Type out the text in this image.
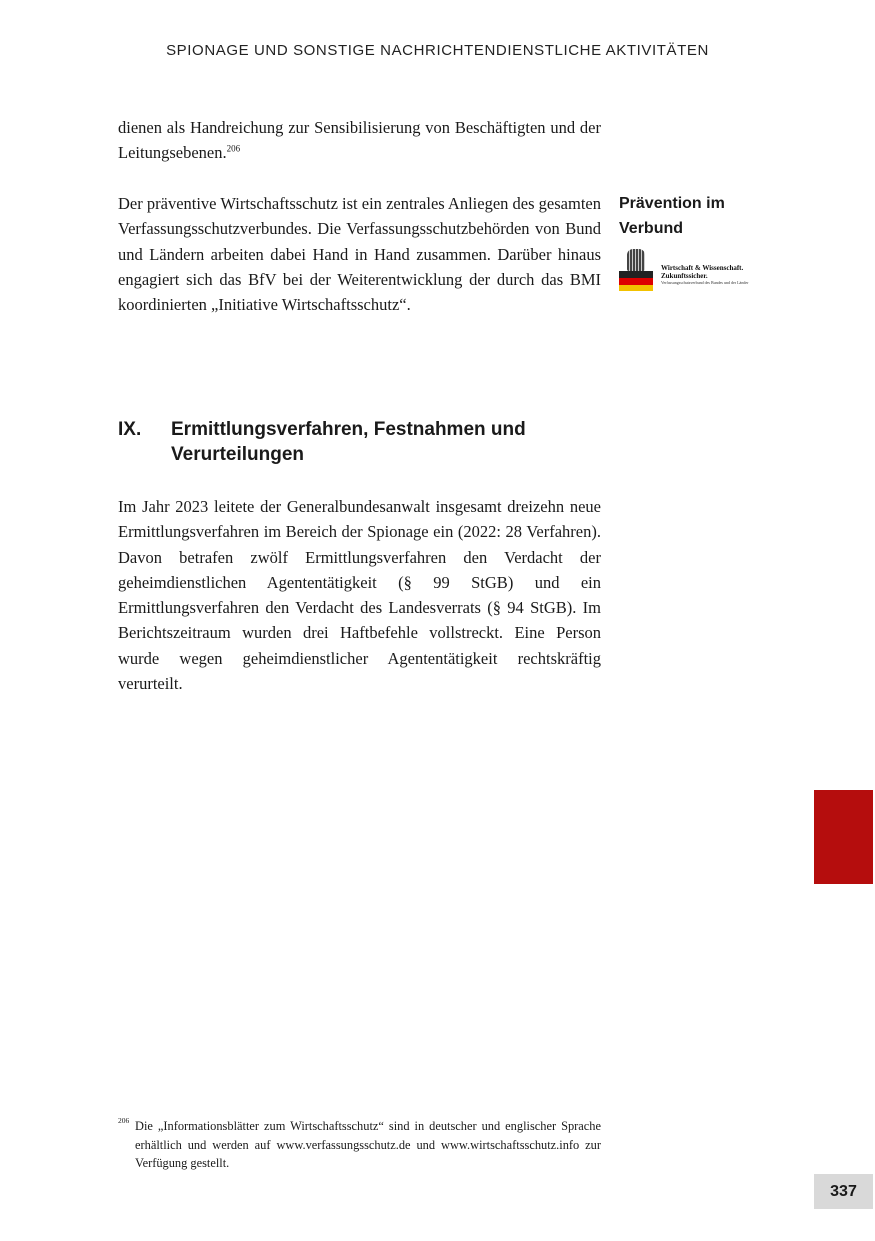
SPIONAGE UND SONSTIGE NACHRICHTENDIENSTLICHE AKTIVITÄTEN

dienen als Handreichung zur Sensibilisierung von Beschäftigten und der Leitungsebenen.$^{206}$

Der präventive Wirtschaftsschutz ist ein zentrales Anliegen des gesamten Verfassungsschutzverbundes. Die Verfassungsschutzbehörden von Bund und Ländern arbeiten dabei Hand in Hand zusammen. Darüber hinaus engagiert sich das BfV bei der Weiterentwicklung der durch das BMI koordinierten „Initiative Wirtschaftsschutz“.

Prävention im Verbund
Wirtschaft & Wissenschaft.
Zukunftssicher.
Verfassungsschutzverbund des Bundes und der Länder
IX. Ermittlungsverfahren, Festnahmen und Verurteilungen

Im Jahr 2023 leitete der Generalbundesanwalt insgesamt dreizehn neue Ermittlungsverfahren im Bereich der Spionage ein (2022: 28 Verfahren). Davon betrafen zwölf Ermittlungsverfahren den Verdacht der geheimdienstlichen Agententätigkeit (§ 99 StGB) und ein Ermittlungsverfahren den Verdacht des Landesverrats (§ 94 StGB). Im Berichtszeitraum wurden drei Haftbefehle vollstreckt. Eine Person wurde wegen geheimdienstlicher Agententätigkeit rechtskräftig verurteilt.

206 Die „Informationsblätter zum Wirtschaftsschutz“ sind in deutscher und englischer Sprache erhältlich und werden auf www.verfassungsschutz.de und www.wirtschaftsschutz.info zur Verfügung gestellt.
337
